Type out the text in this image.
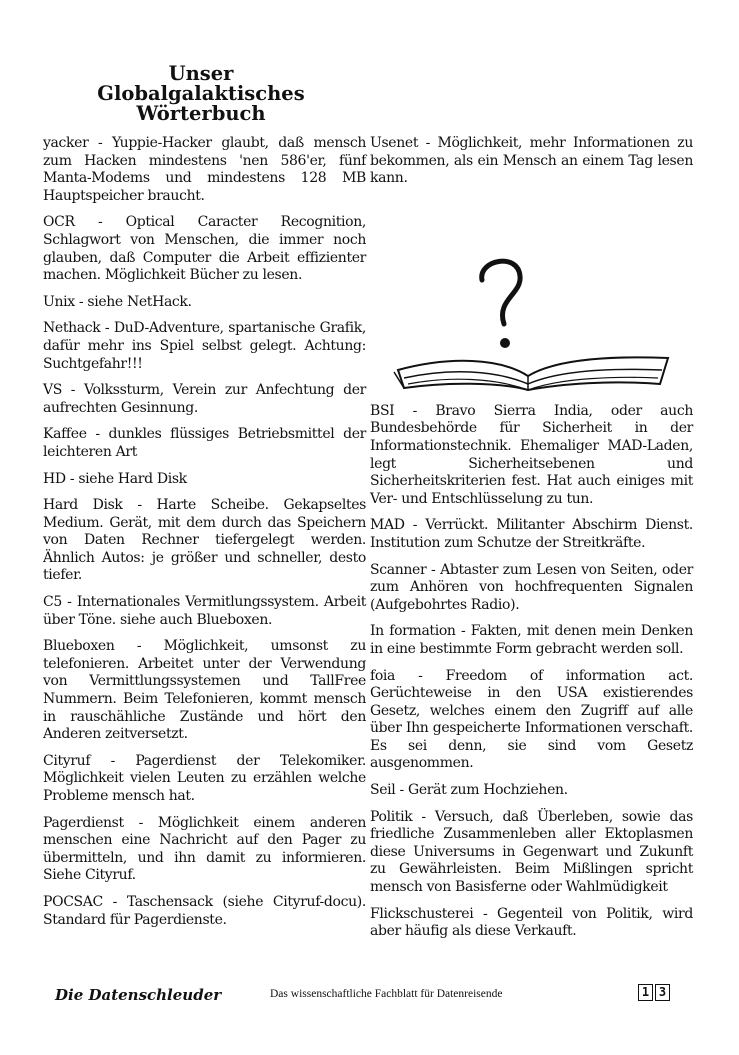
Unser
Globalgalaktisches
Wörterbuch

yacker - Yuppie-Hacker glaubt, daß mensch zum Hacken mindestens 'nen 586'er, fünf Manta-Modems und mindestens 128 MB Hauptspeicher braucht.

OCR - Optical Caracter Recognition, Schlagwort von Menschen, die immer noch glauben, daß Computer die Arbeit effizienter machen. Möglichkeit Bücher zu lesen.

Unix - siehe NetHack.

Nethack - DuD-Adventure, spartanische Grafik, dafür mehr ins Spiel selbst gelegt. Achtung: Suchtgefahr!!!

VS - Volkssturm, Verein zur Anfechtung der aufrechten Gesinnung.

Kaffee - dunkles flüssiges Betriebsmittel der leichteren Art

HD - siehe Hard Disk

Hard Disk - Harte Scheibe. Gekapseltes Medium. Gerät, mit dem durch das Speichern von Daten Rechner tiefergelegt werden. Ähnlich Autos: je größer und schneller, desto tiefer.

C5 - Internationales Vermitlungssystem. Arbeit über Töne. siehe auch Blueboxen.

Blueboxen - Möglichkeit, umsonst zu telefonieren. Arbeitet unter der Verwendung von Vermittlungssystemen und TallFree Nummern. Beim Telefonieren, kommt mensch in rauschähliche Zustände und hört den Anderen zeitversetzt.

Cityruf - Pagerdienst der Telekomiker. Möglichkeit vielen Leuten zu erzählen welche Probleme mensch hat.

Pagerdienst - Möglichkeit einem anderen menschen eine Nachricht auf den Pager zu übermitteln, und ihn damit zu informieren. Siehe Cityruf.

POCSAC - Taschensack (siehe Cityruf-docu). Standard für Pagerdienste.

Usenet - Möglichkeit, mehr Informationen zu bekommen, als ein Mensch an einem Tag lesen kann.

BSI - Bravo Sierra India, oder auch Bundesbehörde für Sicherheit in der Informationstechnik. Ehemaliger MAD-Laden, legt Sicherheitsebenen und Sicherheitskriterien fest. Hat auch einiges mit Ver- und Entschlüsselung zu tun.

MAD - Verrückt. Militanter Abschirm Dienst. Institution zum Schutze der Streitkräfte.

Scanner - Abtaster zum Lesen von Seiten, oder zum Anhören von hochfrequenten Signalen (Aufgebohrtes Radio).

In formation - Fakten, mit denen mein Denken in eine bestimmte Form gebracht werden soll.

foia - Freedom of information act. Gerüchteweise in den USA existierendes Gesetz, welches einem den Zugriff auf alle über Ihn gespeicherte Informationen verschaft. Es sei denn, sie sind vom Gesetz ausgenommen.

Seil - Gerät zum Hochziehen.

Politik - Versuch, daß Überleben, sowie das friedliche Zusammenleben aller Ektoplasmen diese Universums in Gegenwart und Zukunft zu Gewährleisten. Beim Mißlingen spricht mensch von Basisferne oder Wahlmüdigkeit

Flickschusterei - Gegenteil von Politik, wird aber häufig als diese Verkauft.

Die Datenschleuder	Das wissenschaftliche Fachblatt für Datenreisende	1 3
